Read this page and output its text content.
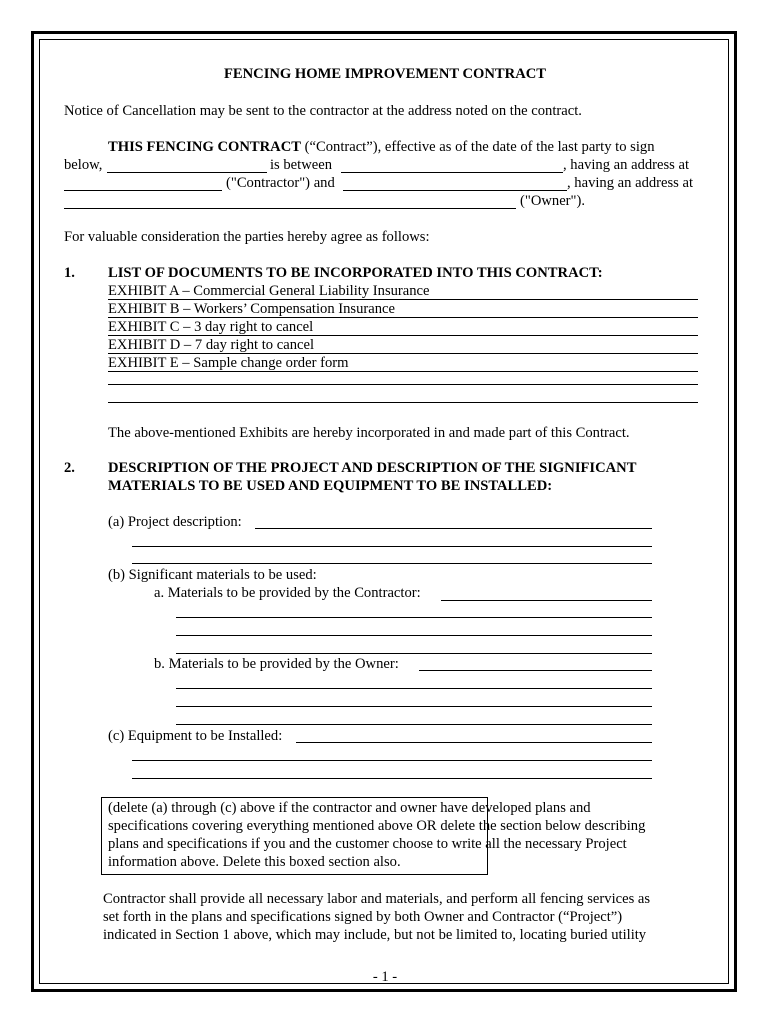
FENCING HOME IMPROVEMENT CONTRACT
Notice of Cancellation may be sent to the contractor at the address noted on the contract.
THIS FENCING CONTRACT (“Contract”), effective as of the date of the last party to sign
below,	is between	, having an address at
("Contractor") and	, having an address at
("Owner").
For valuable consideration the parties hereby agree as follows:
1. LIST OF DOCUMENTS TO BE INCORPORATED INTO THIS CONTRACT:
EXHIBIT A – Commercial General Liability Insurance
EXHIBIT B – Workers’ Compensation Insurance
EXHIBIT C – 3 day right to cancel
EXHIBIT D – 7 day right to cancel
EXHIBIT E – Sample change order form
The above-mentioned Exhibits are hereby incorporated in and made part of this Contract.
2. DESCRIPTION OF THE PROJECT AND DESCRIPTION OF THE SIGNIFICANT
MATERIALS TO BE USED AND EQUIPMENT TO BE INSTALLED:
(a) Project description:
(b) Significant materials to be used:
a. Materials to be provided by the Contractor:
b. Materials to be provided by the Owner:
(c) Equipment to be Installed:
(delete (a) through (c) above if the contractor and owner have developed plans and
specifications covering everything mentioned above OR delete the section below describing
plans and specifications if you and the customer choose to write all the necessary Project
information above. Delete this boxed section also.
Contractor shall provide all necessary labor and materials, and perform all fencing services as
set forth in the plans and specifications signed by both Owner and Contractor (“Project”)
indicated in Section 1 above, which may include, but not be limited to, locating buried utility
- 1 -
